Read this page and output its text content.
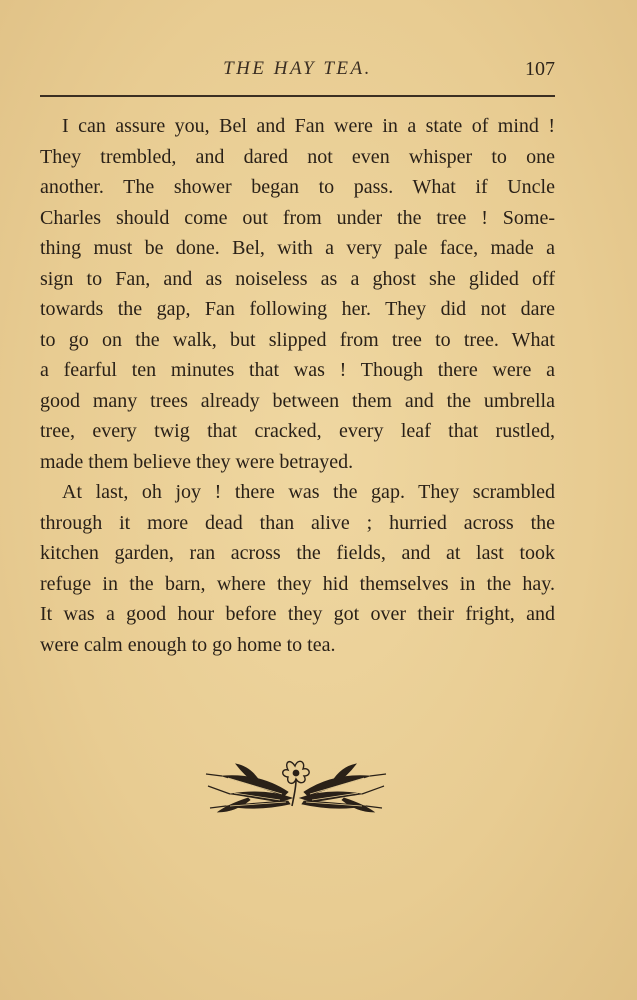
THE HAY TEA.	107
I can assure you, Bel and Fan were in a state of mind !
They trembled, and dared not even whisper to one
another. The shower began to pass. What if Uncle
Charles should come out from under the tree ! Some-
thing must be done. Bel, with a very pale face, made a
sign to Fan, and as noiseless as a ghost she glided off
towards the gap, Fan following her. They did not dare
to go on the walk, but slipped from tree to tree. What
a fearful ten minutes that was ! Though there were a
good many trees already between them and the umbrella
tree, every twig that cracked, every leaf that rustled,
made them believe they were betrayed.
At last, oh joy ! there was the gap. They scrambled
through it more dead than alive ; hurried across the
kitchen garden, ran across the fields, and at last took
refuge in the barn, where they hid themselves in the hay.
It was a good hour before they got over their fright, and
were calm enough to go home to tea.
